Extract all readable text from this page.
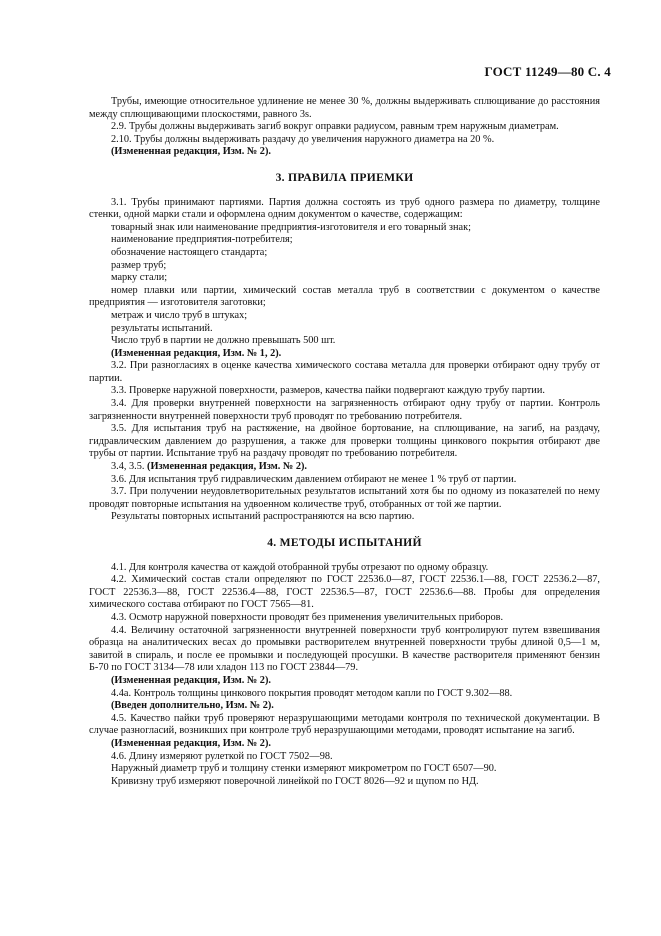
ГОСТ 11249—80 С. 4

Трубы, имеющие относительное удлинение не менее 30 %, должны выдерживать сплющивание до расстояния между сплющивающими плоскостями, равного 3s.

2.9. Трубы должны выдерживать загиб вокруг оправки радиусом, равным трем наружным диаметрам.

2.10. Трубы должны выдерживать раздачу до увеличения наружного диаметра на 20 %.

(Измененная редакция, Изм. № 2).

3. ПРАВИЛА ПРИЕМКИ

3.1. Трубы принимают партиями. Партия должна состоять из труб одного размера по диаметру, толщине стенки, одной марки стали и оформлена одним документом о качестве, содержащим:

товарный знак или наименование предприятия-изготовителя и его товарный знак;

наименование предприятия-потребителя;

обозначение настоящего стандарта;

размер труб;

марку стали;

номер плавки или партии, химический состав металла труб в соответствии с документом о качестве предприятия — изготовителя заготовки;

метраж и число труб в штуках;

результаты испытаний.

Число труб в партии не должно превышать 500 шт.

(Измененная редакция, Изм. № 1, 2).

3.2. При разногласиях в оценке качества химического состава металла для проверки отбирают одну трубу от партии.

3.3. Проверке наружной поверхности, размеров, качества пайки подвергают каждую трубу партии.

3.4. Для проверки внутренней поверхности на загрязненность отбирают одну трубу от партии. Контроль загрязненности внутренней поверхности труб проводят по требованию потребителя.

3.5. Для испытания труб на растяжение, на двойное бортование, на сплющивание, на загиб, на раздачу, гидравлическим давлением до разрушения, а также для проверки толщины цинкового покрытия отбирают две трубы от партии. Испытание труб на раздачу проводят по требованию потребителя.

3.4, 3.5. (Измененная редакция, Изм. № 2).

3.6. Для испытания труб гидравлическим давлением отбирают не менее 1 % труб от партии.

3.7. При получении неудовлетворительных результатов испытаний хотя бы по одному из показателей по нему проводят повторные испытания на удвоенном количестве труб, отобранных от той же партии.

Результаты повторных испытаний распространяются на всю партию.

4. МЕТОДЫ ИСПЫТАНИЙ

4.1. Для контроля качества от каждой отобранной трубы отрезают по одному образцу.

4.2. Химический состав стали определяют по ГОСТ 22536.0—87, ГОСТ 22536.1—88, ГОСТ 22536.2—87, ГОСТ 22536.3—88, ГОСТ 22536.4—88, ГОСТ 22536.5—87, ГОСТ 22536.6—88. Пробы для определения химического состава отбирают по ГОСТ 7565—81.

4.3. Осмотр наружной поверхности проводят без применения увеличительных приборов.

4.4. Величину остаточной загрязненности внутренней поверхности труб контролируют путем взвешивания образца на аналитических весах до промывки растворителем внутренней поверхности трубы длиной 0,5—1 м, завитой в спираль, и после ее промывки и последующей просушки. В качестве растворителя применяют бензин Б-70 по ГОСТ 3134—78 или хладон 113 по ГОСТ 23844—79.

(Измененная редакция, Изм. № 2).

4.4а. Контроль толщины цинкового покрытия проводят методом капли по ГОСТ 9.302—88.

(Введен дополнительно, Изм. № 2).

4.5. Качество пайки труб проверяют неразрушающими методами контроля по технической документации. В случае разногласий, возникших при контроле труб неразрушающими методами, проводят испытание на загиб.

(Измененная редакция, Изм. № 2).

4.6. Длину измеряют рулеткой по ГОСТ 7502—98.

Наружный диаметр труб и толщину стенки измеряют микрометром по ГОСТ 6507—90.

Кривизну труб измеряют поверочной линейкой по ГОСТ 8026—92 и щупом по НД.
